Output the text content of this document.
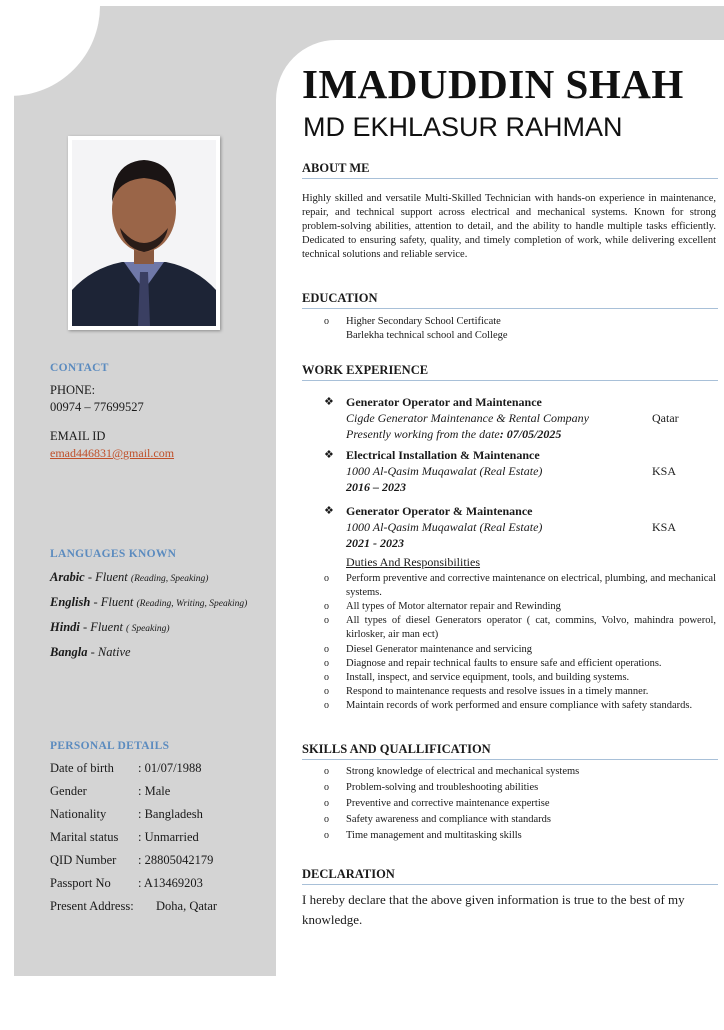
CONTACT
PHONE:
00974 – 77699527
EMAIL ID
emad446831@gmail.com
LANGUAGES KNOWN
Arabic - Fluent (Reading, Speaking)
English - Fluent (Reading, Writing, Speaking)
Hindi - Fluent ( Speaking)
Bangla - Native
PERSONAL DETAILS
Date of birth : 01/07/1988
Gender	: Male
Nationality	: Bangladesh
Marital status : Unmarried
QID Number : 28805042179
Passport No : A13469203
Present Address: Doha, Qatar
IMADUDDIN SHAH
MD EKHLASUR RAHMAN
ABOUT ME
Highly skilled and versatile Multi-Skilled Technician with hands-on experience in maintenance, repair, and technical support across electrical and mechanical systems. Known for strong problem-solving abilities, attention to detail, and the ability to handle multiple tasks efficiently. Dedicated to ensuring safety, quality, and timely completion of work, while delivering excellent technical solutions and reliable service.
EDUCATION
o Higher Secondary School Certificate
Barlekha technical school and College
WORK EXPERIENCE
❖ Generator Operator and Maintenance
Cigde Generator Maintenance & Rental Company	Qatar
Presently working from the date: 07/05/2025
❖ Electrical Installation & Maintenance
1000 Al-Qasim Muqawalat (Real Estate)	KSA
2016 – 2023
❖ Generator Operator & Maintenance
1000 Al-Qasim Muqawalat (Real Estate)	KSA
2021 - 2023
Duties And Responsibilities
o Perform preventive and corrective maintenance on electrical, plumbing, and mechanical systems.
o All types of Motor alternator repair and Rewinding
o All types of diesel Generators operator ( cat, commins, Volvo, mahindra powerol, kirlosker, air man ect)
o Diesel Generator maintenance and servicing
o Diagnose and repair technical faults to ensure safe and efficient operations.
o Install, inspect, and service equipment, tools, and building systems.
o Respond to maintenance requests and resolve issues in a timely manner.
o Maintain records of work performed and ensure compliance with safety standards.
SKILLS AND QUALLIFICATION
o Strong knowledge of electrical and mechanical systems
o Problem-solving and troubleshooting abilities
o Preventive and corrective maintenance expertise
o Safety awareness and compliance with standards
o Time management and multitasking skills
DECLARATION
I hereby declare that the above given information is true to the best of my knowledge.
